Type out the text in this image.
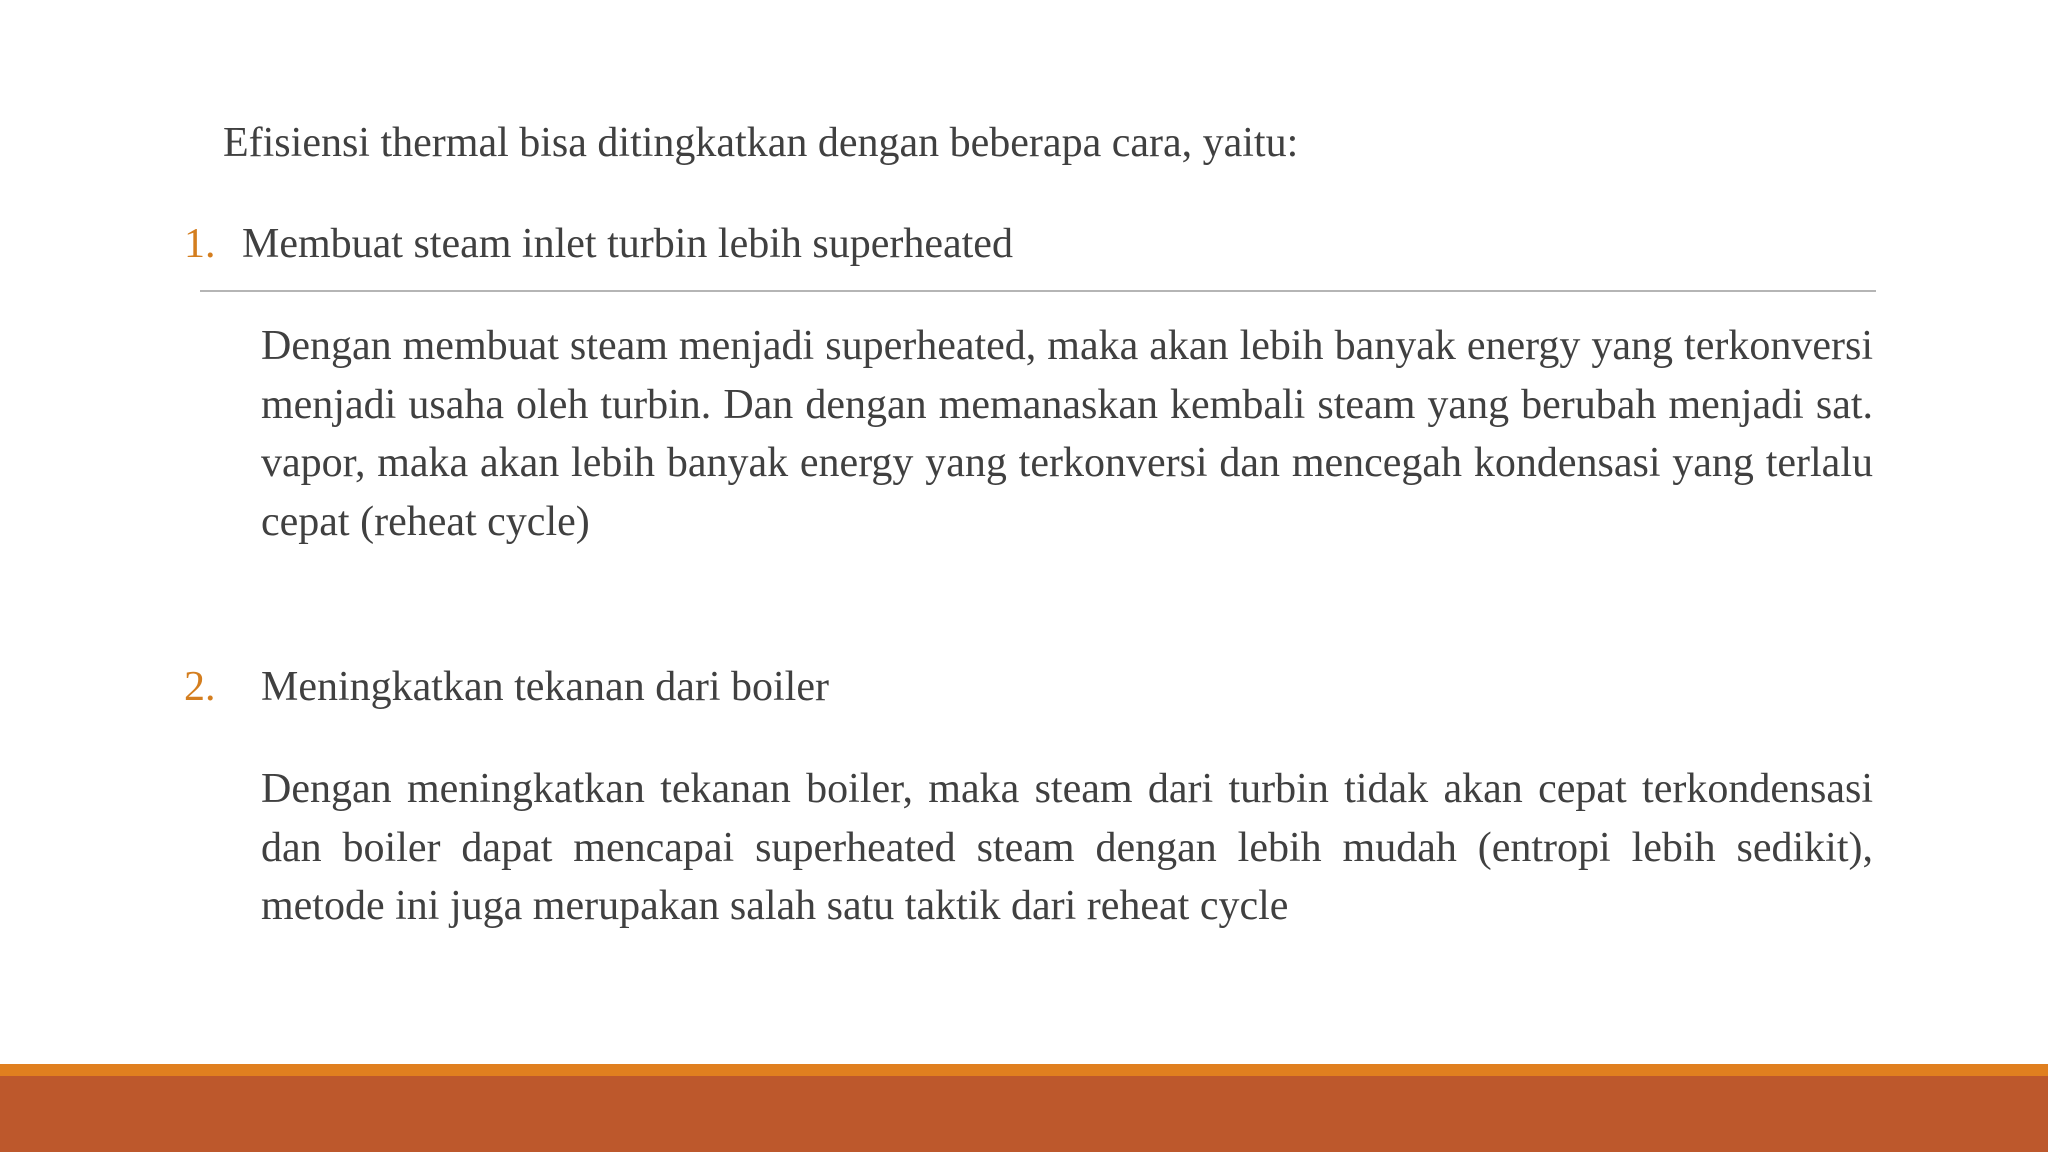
Efisiensi thermal bisa ditingkatkan dengan beberapa cara, yaitu:
1. Membuat steam inlet turbin lebih superheated
Dengan membuat steam menjadi superheated, maka akan lebih banyak energy yang terkonversi menjadi usaha oleh turbin. Dan dengan memanaskan kembali steam yang berubah menjadi sat. vapor, maka akan lebih banyak energy yang terkonversi dan mencegah kondensasi yang terlalu cepat (reheat cycle)
2. Meningkatkan tekanan dari boiler
Dengan meningkatkan tekanan boiler, maka steam dari turbin tidak akan cepat terkondensasi dan boiler dapat mencapai superheated steam dengan lebih mudah (entropi lebih sedikit), metode ini juga merupakan salah satu taktik dari reheat cycle
